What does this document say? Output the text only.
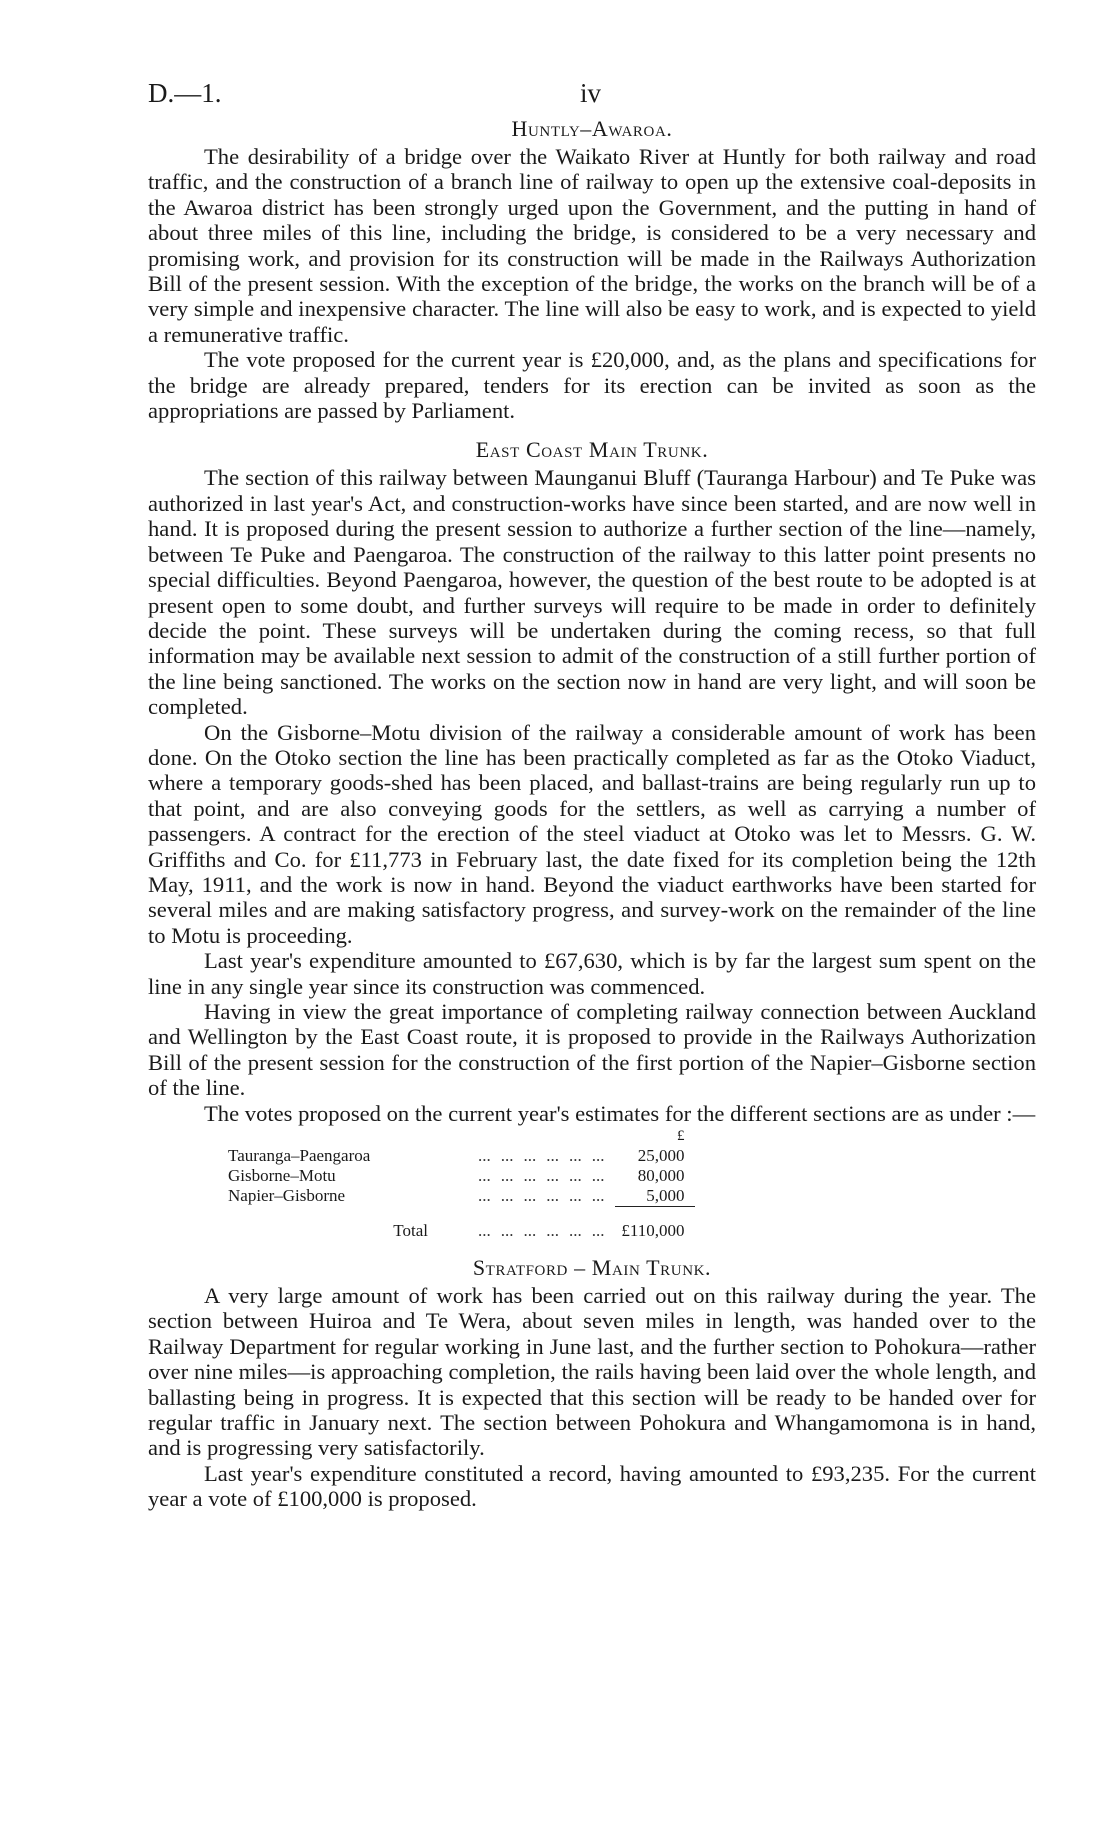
D.—1.	iv
Huntly–Awaroa.

The desirability of a bridge over the Waikato River at Huntly for both railway and road traffic, and the construction of a branch line of railway to open up the extensive coal-deposits in the Awaroa district has been strongly urged upon the Government, and the putting in hand of about three miles of this line, including the bridge, is considered to be a very necessary and promising work, and provision for its construction will be made in the Railways Authorization Bill of the present session. With the exception of the bridge, the works on the branch will be of a very simple and inexpensive character. The line will also be easy to work, and is expected to yield a remunerative traffic.

The vote proposed for the current year is £20,000, and, as the plans and specifications for the bridge are already prepared, tenders for its erection can be invited as soon as the appropriations are passed by Parliament.

East Coast Main Trunk.

The section of this railway between Maunganui Bluff (Tauranga Harbour) and Te Puke was authorized in last year's Act, and construction-works have since been started, and are now well in hand. It is proposed during the present session to authorize a further section of the line—namely, between Te Puke and Paengaroa. The construction of the railway to this latter point presents no special difficulties. Beyond Paengaroa, however, the question of the best route to be adopted is at present open to some doubt, and further surveys will require to be made in order to definitely decide the point. These surveys will be undertaken during the coming recess, so that full information may be available next session to admit of the construction of a still further portion of the line being sanctioned. The works on the section now in hand are very light, and will soon be completed.

On the Gisborne–Motu division of the railway a considerable amount of work has been done. On the Otoko section the line has been practically completed as far as the Otoko Viaduct, where a temporary goods-shed has been placed, and ballast-trains are being regularly run up to that point, and are also conveying goods for the settlers, as well as carrying a number of passengers. A contract for the erection of the steel viaduct at Otoko was let to Messrs. G. W. Griffiths and Co. for £11,773 in February last, the date fixed for its completion being the 12th May, 1911, and the work is now in hand. Beyond the viaduct earthworks have been started for several miles and are making satisfactory progress, and survey-work on the remainder of the line to Motu is proceeding.

Last year's expenditure amounted to £67,630, which is by far the largest sum spent on the line in any single year since its construction was commenced.

Having in view the great importance of completing railway connection between Auckland and Wellington by the East Coast route, it is proposed to provide in the Railways Authorization Bill of the present session for the construction of the first portion of the Napier–Gisborne section of the line.

The votes proposed on the current year's estimates for the different sections are as under :—

							£
Tauranga–Paengaroa	...	...	...	...	...	...	25,000
Gisborne–Motu	...	...	...	...	...	...	80,000
Napier–Gisborne	...	...	...	...	...	...	5,000
Total	...	...	...	...	...	...	£110,000
Stratford – Main Trunk.

A very large amount of work has been carried out on this railway during the year. The section between Huiroa and Te Wera, about seven miles in length, was handed over to the Railway Department for regular working in June last, and the further section to Pohokura—rather over nine miles—is approaching completion, the rails having been laid over the whole length, and ballasting being in progress. It is expected that this section will be ready to be handed over for regular traffic in January next. The section between Pohokura and Whangamomona is in hand, and is progressing very satisfactorily.

Last year's expenditure constituted a record, having amounted to £93,235. For the current year a vote of £100,000 is proposed.
